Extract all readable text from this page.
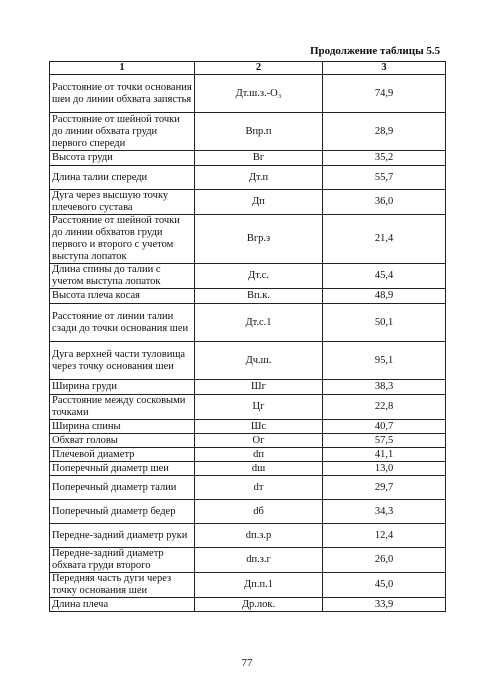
Продолжение таблицы 5.5
1	2	3
Расстояние от точки основания шеи до линии обхвата запястья	Дт.ш.з.-О₃	74,9
Расстояние от шейной точки до линии обхвата груди первого спереди	Впр.п	28,9
Высота груди	Вг	35,2
Длина талии спереди	Дт.п	55,7
Дуга через высшую точку плечевого сустава	Дп	36,0
Расстояние от шейной точки до линии обхватов груди первого и второго с учетом выступа лопаток	Вгр.з	21,4
Длина спины до талии с учетом выступа лопаток	Дт.с.	45,4
Высота плеча косая	Вп.к.	48,9
Расстояние от линии талии сзади до точки основания шеи	Дт.с.1	50,1
Дуга верхней части туловища через точку основания шеи	Дч.ш.	95,1
Ширина груди	Шг	38,3
Расстояние между сосковыми точками	Цг	22,8
Ширина спины	Шс	40,7
Обхват головы	Ог	57,5
Плечевой диаметр	dп	41,1
Поперечный диаметр шеи	dш	13,0
Поперечный диаметр талии	dт	29,7
Поперечный диаметр бедер	dб	34,3
Передне-задний диаметр руки	dп.з.р	12,4
Передне-задний диаметр обхвата груди второго	dп.з.г	26,0
Передняя часть дуги через точку основания шеи	Дп.п.1	45,0
Длина плеча	Др.лок.	33,9
77
